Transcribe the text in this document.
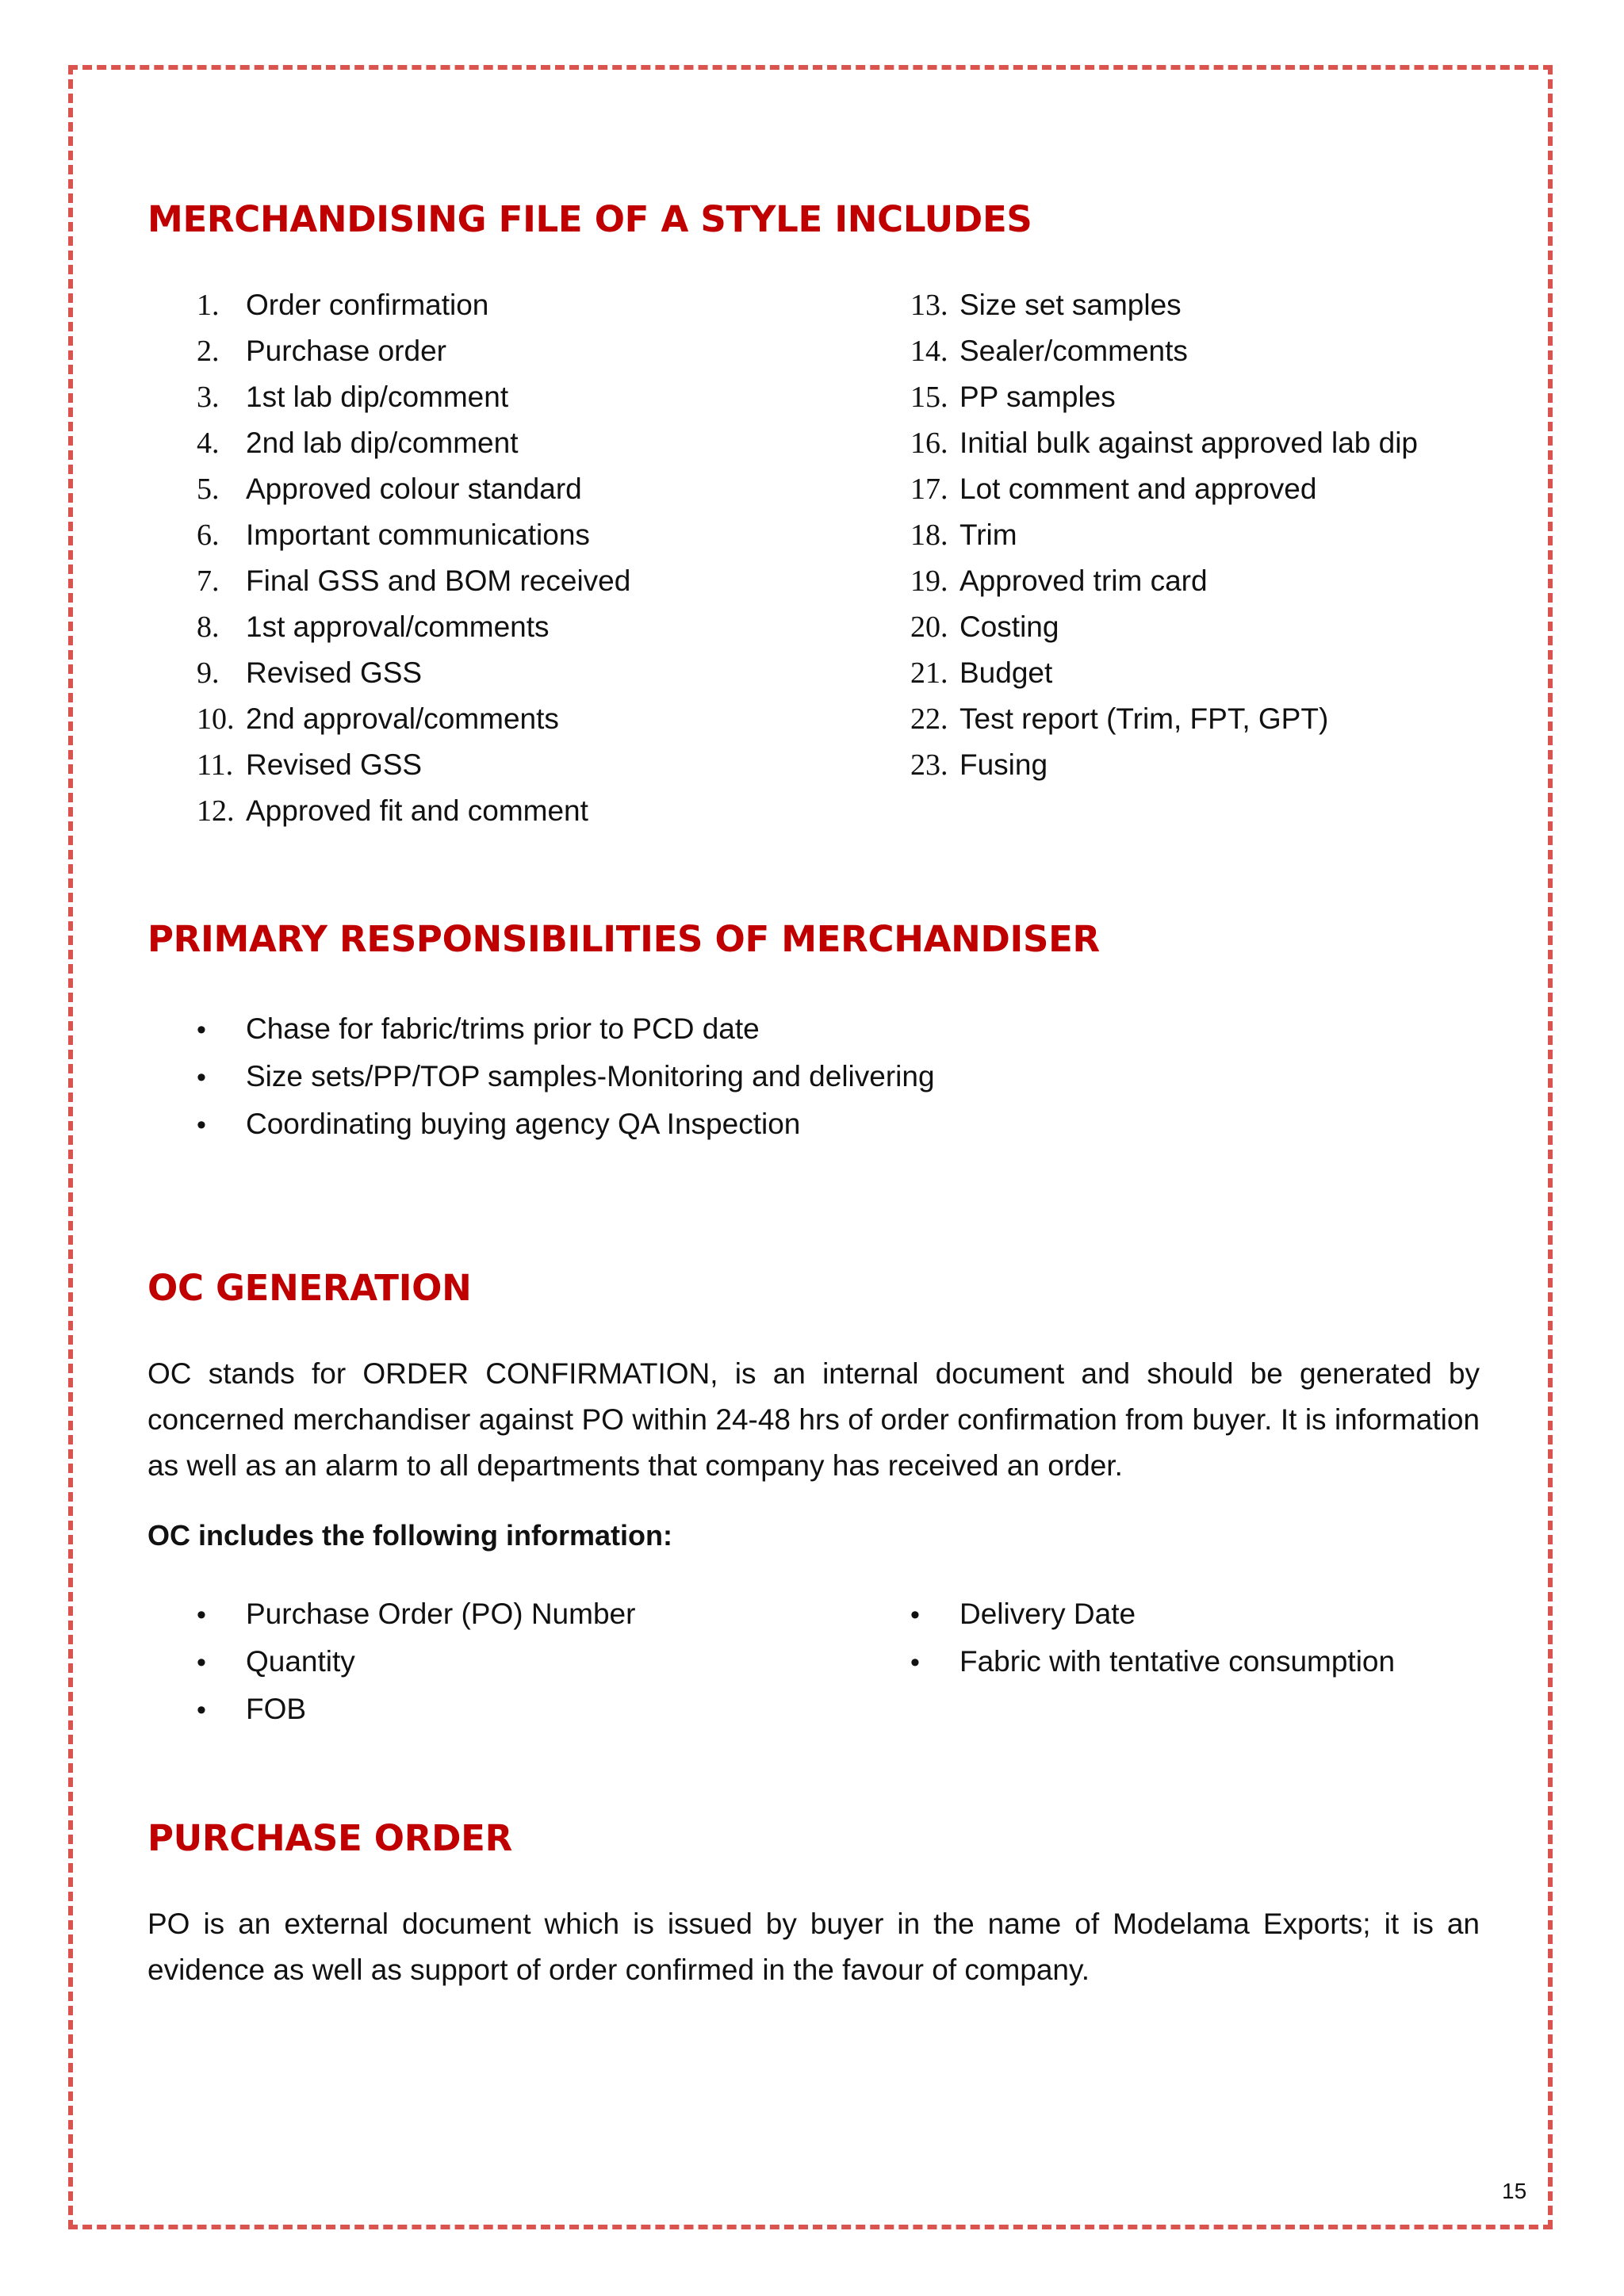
MERCHANDISING FILE OF A STYLE INCLUDES
1. Order confirmation
2. Purchase order
3. 1st lab dip/comment
4. 2nd lab dip/comment
5. Approved colour standard
6. Important communications
7. Final GSS and BOM received
8. 1st approval/comments
9. Revised GSS
10. 2nd approval/comments
11. Revised GSS
12. Approved fit and comment
13. Size set samples
14. Sealer/comments
15. PP samples
16. Initial bulk against approved lab dip
17. Lot comment and approved
18. Trim
19. Approved trim card
20. Costing
21. Budget
22. Test report (Trim, FPT, GPT)
23. Fusing
PRIMARY RESPONSIBILITIES OF MERCHANDISER
• Chase for fabric/trims prior to PCD date
• Size sets/PP/TOP samples-Monitoring and delivering
• Coordinating buying agency QA Inspection
OC GENERATION

OC stands for ORDER CONFIRMATION, is an internal document and should be generated by concerned merchandiser against PO within 24-48 hrs of order confirmation from buyer. It is information as well as an alarm to all departments that company has received an order.

OC includes the following information:

• Purchase Order (PO) Number
• Quantity
• FOB
• Delivery Date
• Fabric with tentative consumption
PURCHASE ORDER

PO is an external document which is issued by buyer in the name of Modelama Exports; it is an evidence as well as support of order confirmed in the favour of company.

15
